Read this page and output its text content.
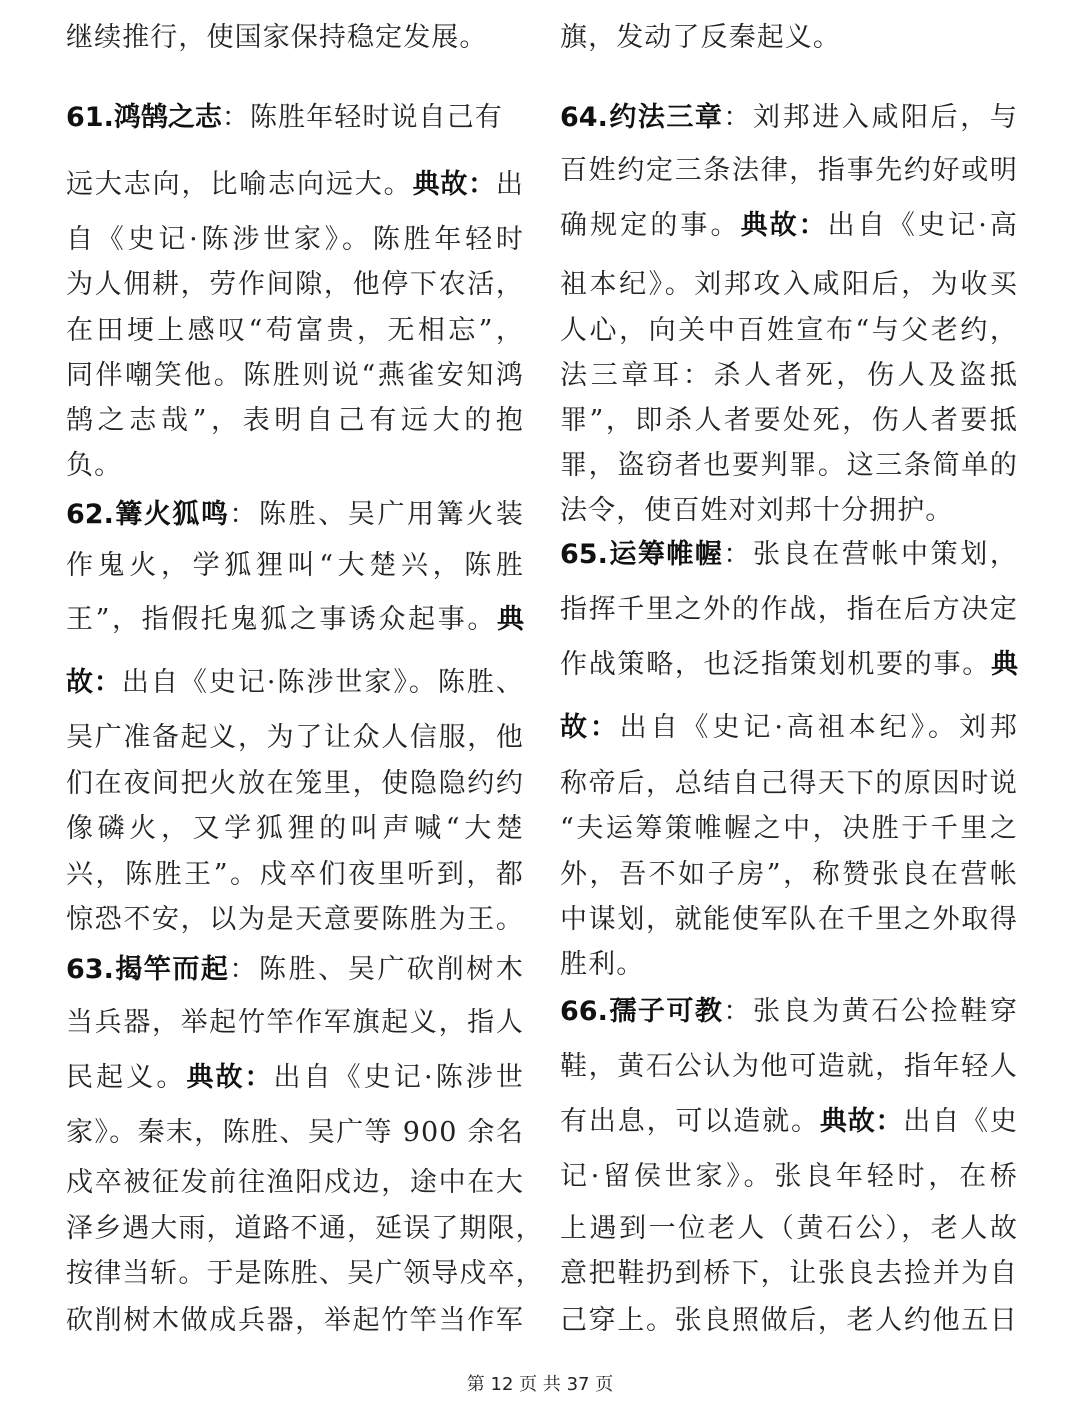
继续推行，使国家保持稳定发展。
61.鸿鹄之志：陈胜年轻时说自己有
远大志向，比喻志向远大。典故：出
自《史记·陈涉世家》。陈胜年轻时
为人佣耕，劳作间隙，他停下农活，
在田埂上感叹“苟富贵，无相忘”，
同伴嘲笑他。陈胜则说“燕雀安知鸿
鹄之志哉”，表明自己有远大的抱
负。
62.篝火狐鸣：陈胜、吴广用篝火装
作鬼火，学狐狸叫“大楚兴，陈胜
王”，指假托鬼狐之事诱众起事。典
故：出自《史记·陈涉世家》。陈胜、
吴广准备起义，为了让众人信服，他
们在夜间把火放在笼里，使隐隐约约
像磷火，又学狐狸的叫声喊“大楚
兴，陈胜王”。戍卒们夜里听到，都
惊恐不安，以为是天意要陈胜为王。
63.揭竿而起：陈胜、吴广砍削树木
当兵器，举起竹竿作军旗起义，指人
民起义。典故：出自《史记·陈涉世
家》。秦末，陈胜、吴广等 900 余名
戍卒被征发前往渔阳戍边，途中在大
泽乡遇大雨，道路不通，延误了期限，
按律当斩。于是陈胜、吴广领导戍卒，
砍削树木做成兵器，举起竹竿当作军
旗，发动了反秦起义。
64.约法三章：刘邦进入咸阳后，与
百姓约定三条法律，指事先约好或明
确规定的事。典故：出自《史记·高
祖本纪》。刘邦攻入咸阳后，为收买
人心，向关中百姓宣布“与父老约，
法三章耳：杀人者死，伤人及盗抵
罪”，即杀人者要处死，伤人者要抵
罪，盗窃者也要判罪。这三条简单的
法令，使百姓对刘邦十分拥护。
65.运筹帷幄：张良在营帐中策划，
指挥千里之外的作战，指在后方决定
作战策略，也泛指策划机要的事。典
故：出自《史记·高祖本纪》。刘邦
称帝后，总结自己得天下的原因时说
“夫运筹策帷幄之中，决胜于千里之
外，吾不如子房”，称赞张良在营帐
中谋划，就能使军队在千里之外取得
胜利。
66.孺子可教：张良为黄石公捡鞋穿
鞋，黄石公认为他可造就，指年轻人
有出息，可以造就。典故：出自《史
记·留侯世家》。张良年轻时，在桥
上遇到一位老人（黄石公），老人故
意把鞋扔到桥下，让张良去捡并为自
己穿上。张良照做后，老人约他五日
第 12 页 共 37 页
